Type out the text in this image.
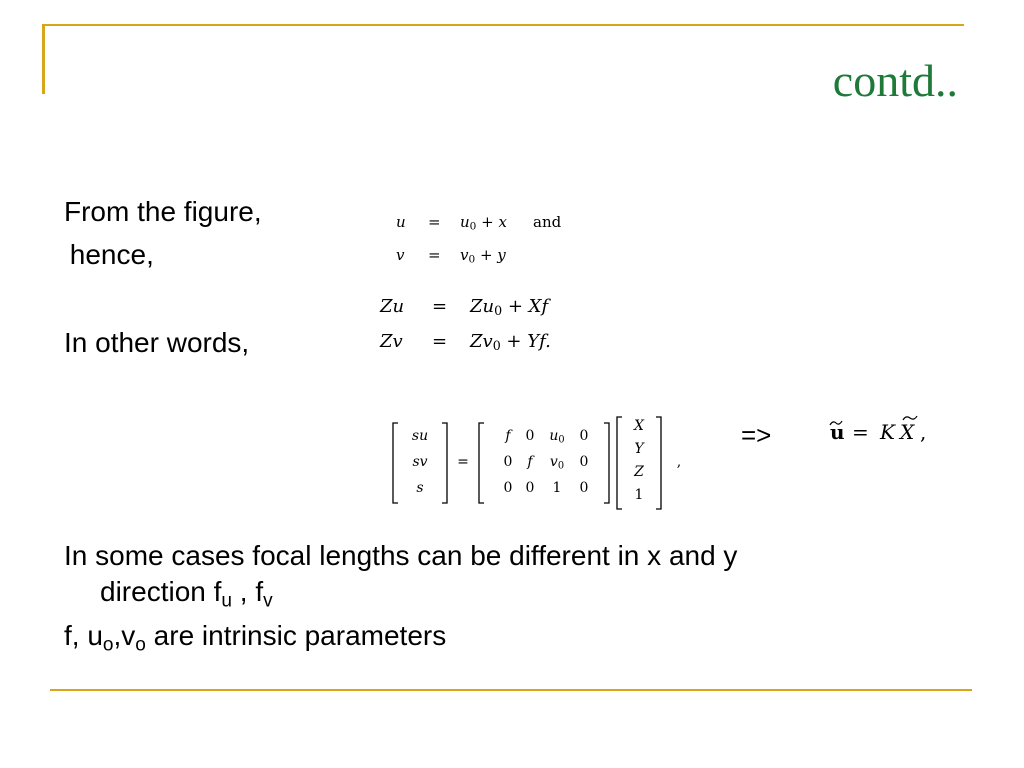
contd..
From the figure,
hence,
In other words,
$u = u_0 + x$ and
$v = v_0 + y$
$Zu = Zu_0 + Xf$
$Zv = Zv_0 + Yf$.
su
sv
s
=
f	0	$u_0$	0
0	f	$v_0$	0
0 0	1	0
X
Y
Z
1
,
=>	u = K X ,
In some cases focal lengths can be different in x and y
direction $f_u$ , $f_v$
f, $u_o,v_o$ are intrinsic parameters
